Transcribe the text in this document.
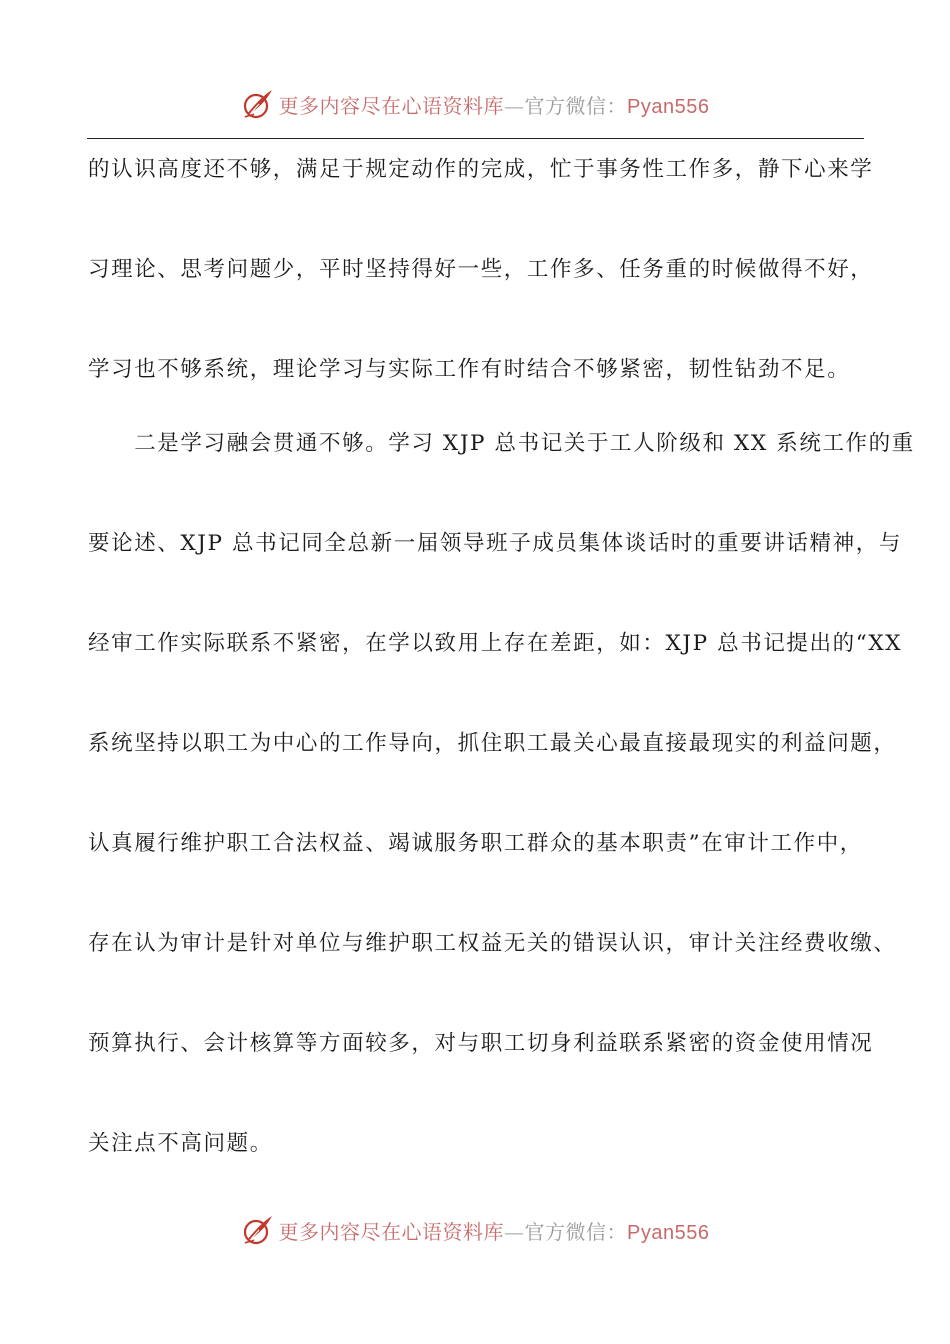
更多内容尽在心语资料库—官方微信：Pyan556
的认识高度还不够，满足于规定动作的完成，忙于事务性工作多，静下心来学
习理论、思考问题少，平时坚持得好一些，工作多、任务重的时候做得不好，
学习也不够系统，理论学习与实际工作有时结合不够紧密，韧性钻劲不足。
　　二是学习融会贯通不够。学习 XJP 总书记关于工人阶级和 XX 系统工作的重
要论述、XJP 总书记同全总新一届领导班子成员集体谈话时的重要讲话精神，与
经审工作实际联系不紧密，在学以致用上存在差距，如：XJP 总书记提出的“XX
系统坚持以职工为中心的工作导向，抓住职工最关心最直接最现实的利益问题，
认真履行维护职工合法权益、竭诚服务职工群众的基本职责”在审计工作中，
存在认为审计是针对单位与维护职工权益无关的错误认识，审计关注经费收缴、
预算执行、会计核算等方面较多，对与职工切身利益联系紧密的资金使用情况
关注点不高问题。
更多内容尽在心语资料库—官方微信：Pyan556
